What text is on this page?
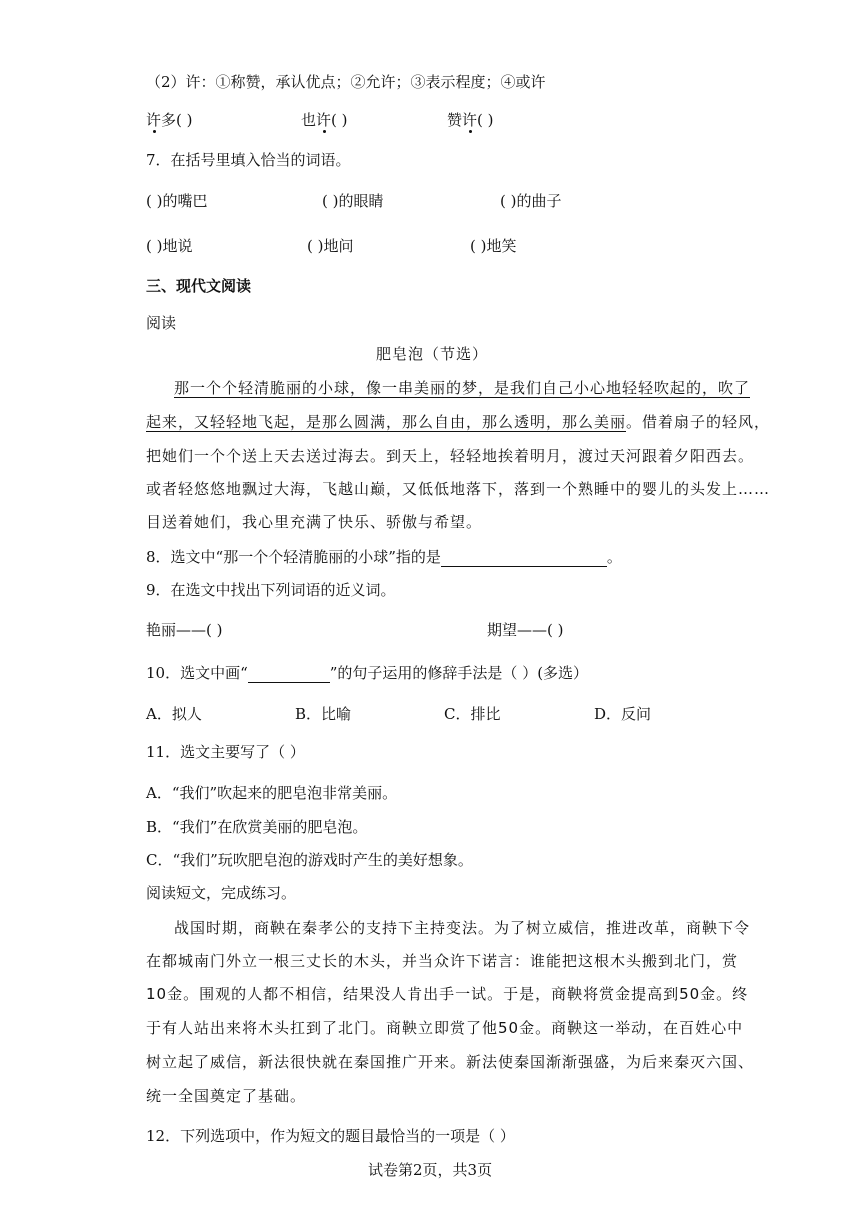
（2）许：①称赞，承认优点；②允许；③表示程度；④或许
许多( )	也许( )	赞许( )
7．在括号里填入恰当的词语。
( )的嘴巴	( )的眼睛	( )的曲子
( )地说	( )地问	( )地笑
三、现代文阅读
阅读
肥皂泡（节选）
那一个个轻清脆丽的小球，像一串美丽的梦，是我们自己小心地轻轻吹起的，吹了
起来，又轻轻地飞起，是那么圆满，那么自由，那么透明，那么美丽。借着扇子的轻风，
把她们一个个送上天去送过海去。到天上，轻轻地挨着明月，渡过天河跟着夕阳西去。
或者轻悠悠地飘过大海，飞越山巅，又低低地落下，落到一个熟睡中的婴儿的头发上……
目送着她们，我心里充满了快乐、骄傲与希望。
8．选文中“那一个个轻清脆丽的小球”指的是	。
9．在选文中找出下列词语的近义词。
艳丽——( )	期望——( )
10．选文中画“	”的句子运用的修辞手法是（ ）(多选）
A．拟人	B．比喻	C．排比	D．反问
11．选文主要写了（ ）
A．“我们”吹起来的肥皂泡非常美丽。
B．“我们”在欣赏美丽的肥皂泡。
C．“我们”玩吹肥皂泡的游戏时产生的美好想象。
阅读短文，完成练习。
战国时期，商鞅在秦孝公的支持下主持变法。为了树立威信，推进改革，商鞅下令
在都城南门外立一根三丈长的木头，并当众许下诺言：谁能把这根木头搬到北门，赏
10金。围观的人都不相信，结果没人肯出手一试。于是，商鞅将赏金提高到50金。终
于有人站出来将木头扛到了北门。商鞅立即赏了他50金。商鞅这一举动，在百姓心中
树立起了威信，新法很快就在秦国推广开来。新法使秦国渐渐强盛，为后来秦灭六国、
统一全国奠定了基础。
12．下列选项中，作为短文的题目最恰当的一项是（ ）
试卷第2页，共3页
